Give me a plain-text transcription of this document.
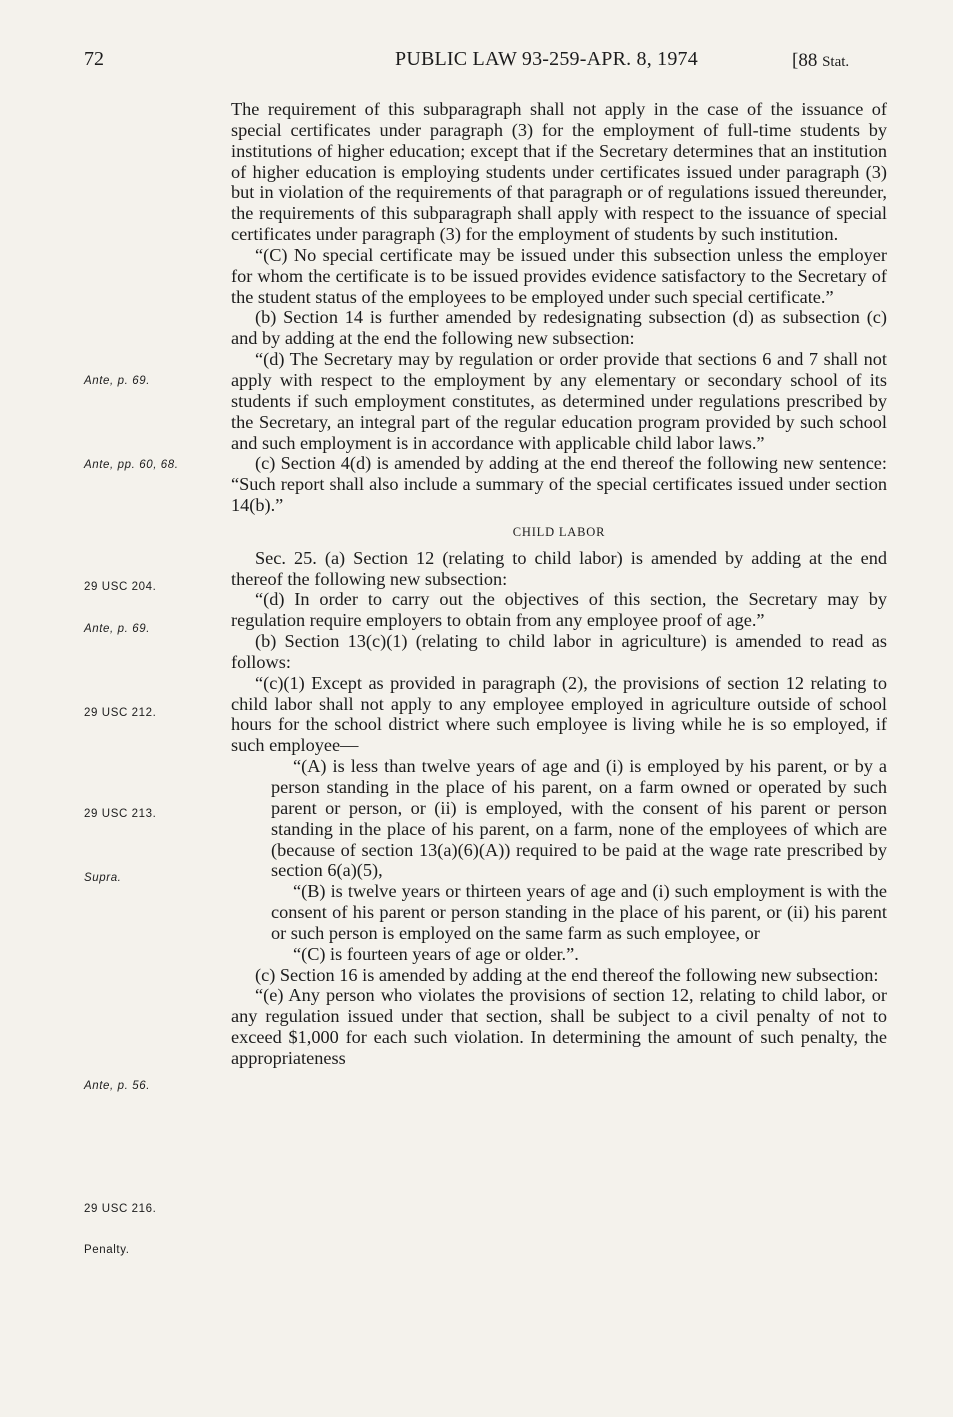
72	PUBLIC LAW 93-259-APR. 8, 1974	[88 Stat.
Ante, p. 69.
Ante, pp. 60, 68.
29 USC 204.
Ante, p. 69.
29 USC 212.
29 USC 213.
Supra.
Ante, p. 56.
29 USC 216.
Penalty.

The requirement of this subparagraph shall not apply in the case of the issuance of special certificates under paragraph (3) for the employment of full-time students by institutions of higher education; except that if the Secretary determines that an institution of higher education is employing students under certificates issued under paragraph (3) but in violation of the requirements of that paragraph or of regulations issued thereunder, the requirements of this subparagraph shall apply with respect to the issuance of special certificates under paragraph (3) for the employment of students by such institution.

“(C) No special certificate may be issued under this subsection unless the employer for whom the certificate is to be issued provides evidence satisfactory to the Secretary of the student status of the employees to be employed under such special certificate.”

(b) Section 14 is further amended by redesignating subsection (d) as subsection (c) and by adding at the end the following new subsection:

“(d) The Secretary may by regulation or order provide that sections 6 and 7 shall not apply with respect to the employment by any elementary or secondary school of its students if such employment constitutes, as determined under regulations prescribed by the Secretary, an integral part of the regular education program provided by such school and such employment is in accordance with applicable child labor laws.”

(c) Section 4(d) is amended by adding at the end thereof the following new sentence: “Such report shall also include a summary of the special certificates issued under section 14(b).”

CHILD LABOR

Sec. 25. (a) Section 12 (relating to child labor) is amended by adding at the end thereof the following new subsection:

“(d) In order to carry out the objectives of this section, the Secretary may by regulation require employers to obtain from any employee proof of age.”

(b) Section 13(c)(1) (relating to child labor in agriculture) is amended to read as follows:

“(c)(1) Except as provided in paragraph (2), the provisions of section 12 relating to child labor shall not apply to any employee employed in agriculture outside of school hours for the school district where such employee is living while he is so employed, if such employee—

“(A) is less than twelve years of age and (i) is employed by his parent, or by a person standing in the place of his parent, on a farm owned or operated by such parent or person, or (ii) is employed, with the consent of his parent or person standing in the place of his parent, on a farm, none of the employees of which are (because of section 13(a)(6)(A)) required to be paid at the wage rate prescribed by section 6(a)(5),

“(B) is twelve years or thirteen years of age and (i) such employment is with the consent of his parent or person standing in the place of his parent, or (ii) his parent or such person is employed on the same farm as such employee, or

“(C) is fourteen years of age or older.”.

(c) Section 16 is amended by adding at the end thereof the following new subsection:

“(e) Any person who violates the provisions of section 12, relating to child labor, or any regulation issued under that section, shall be subject to a civil penalty of not to exceed $1,000 for each such violation. In determining the amount of such penalty, the appropriateness
